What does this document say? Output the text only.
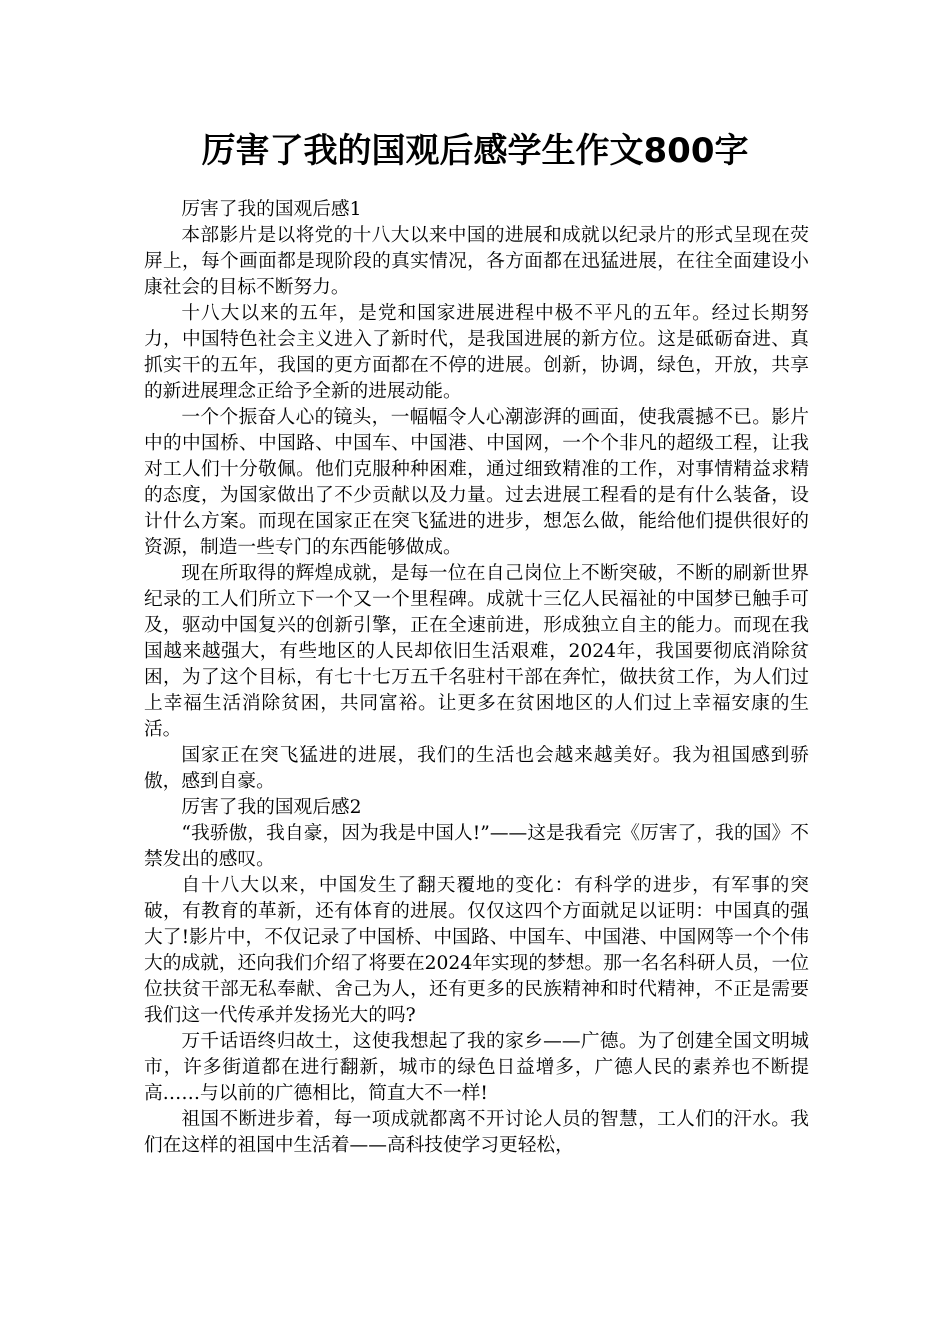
厉害了我的国观后感学生作文800字

厉害了我的国观后感1

本部影片是以将党的十八大以来中国的进展和成就以纪录片的形式呈现在荧屏上，每个画面都是现阶段的真实情况，各方面都在迅猛进展，在往全面建设小康社会的目标不断努力。

十八大以来的五年，是党和国家进展进程中极不平凡的五年。经过长期努力，中国特色社会主义进入了新时代，是我国进展的新方位。这是砥砺奋进、真抓实干的五年，我国的更方面都在不停的进展。创新，协调，绿色，开放，共享的新进展理念正给予全新的进展动能。

一个个振奋人心的镜头，一幅幅令人心潮澎湃的画面，使我震撼不已。影片中的中国桥、中国路、中国车、中国港、中国网，一个个非凡的超级工程，让我对工人们十分敬佩。他们克服种种困难，通过细致精准的工作，对事情精益求精的态度，为国家做出了不少贡献以及力量。过去进展工程看的是有什么装备，设计什么方案。而现在国家正在突飞猛进的进步，想怎么做，能给他们提供很好的资源，制造一些专门的东西能够做成。

现在所取得的辉煌成就，是每一位在自己岗位上不断突破，不断的刷新世界纪录的工人们所立下一个又一个里程碑。成就十三亿人民福祉的中国梦已触手可及，驱动中国复兴的创新引擎，正在全速前进，形成独立自主的能力。而现在我国越来越强大，有些地区的人民却依旧生活艰难，2024年，我国要彻底消除贫困，为了这个目标，有七十七万五千名驻村干部在奔忙，做扶贫工作，为人们过上幸福生活消除贫困，共同富裕。让更多在贫困地区的人们过上幸福安康的生活。

国家正在突飞猛进的进展，我们的生活也会越来越美好。我为祖国感到骄傲，感到自豪。

厉害了我的国观后感2

“我骄傲，我自豪，因为我是中国人!”——这是我看完《厉害了，我的国》不禁发出的感叹。

自十八大以来，中国发生了翻天覆地的变化：有科学的进步，有军事的突破，有教育的革新，还有体育的进展。仅仅这四个方面就足以证明：中国真的强大了!影片中，不仅记录了中国桥、中国路、中国车、中国港、中国网等一个个伟大的成就，还向我们介绍了将要在2024年实现的梦想。那一名名科研人员，一位位扶贫干部无私奉献、舍己为人，还有更多的民族精神和时代精神，不正是需要我们这一代传承并发扬光大的吗?

万千话语终归故土，这使我想起了我的家乡——广德。为了创建全国文明城市，许多街道都在进行翻新，城市的绿色日益增多，广德人民的素养也不断提高……与以前的广德相比，简直大不一样!

祖国不断进步着，每一项成就都离不开讨论人员的智慧，工人们的汗水。我们在这样的祖国中生活着——高科技使学习更轻松，
